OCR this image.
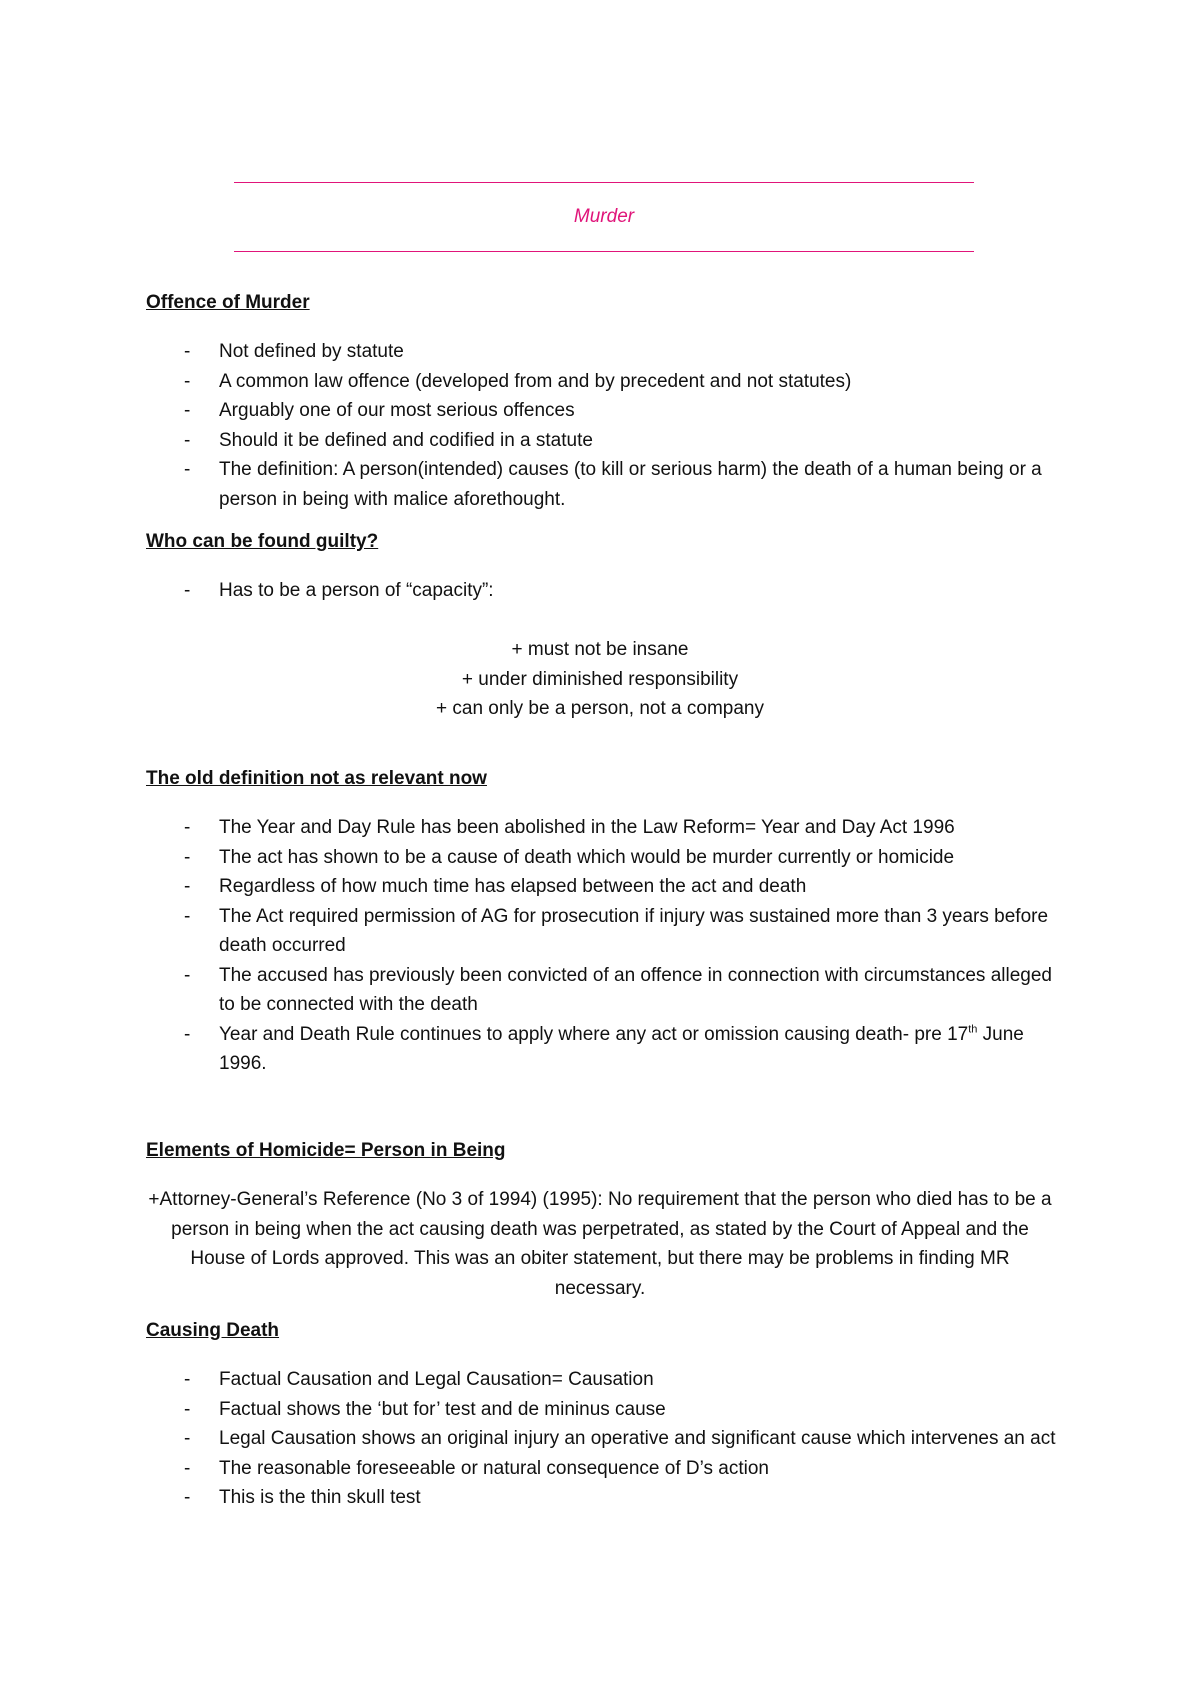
Murder
Offence of Murder
- Not defined by statute
- A common law offence (developed from and by precedent and not statutes)
- Arguably one of our most serious offences
- Should it be defined and codified in a statute
- The definition: A person(intended) causes (to kill or serious harm) the death of a human being or a person in being with malice aforethought.
Who can be found guilty?
- Has to be a person of “capacity”:

+ must not be insane

+ under diminished responsibility

+ can only be a person, not a company

The old definition not as relevant now
- The Year and Day Rule has been abolished in the Law Reform= Year and Day Act 1996
- The act has shown to be a cause of death which would be murder currently or homicide
- Regardless of how much time has elapsed between the act and death
- The Act required permission of AG for prosecution if injury was sustained more than 3 years before death occurred
- The accused has previously been convicted of an offence in connection with circumstances alleged to be connected with the death
- Year and Death Rule continues to apply where any act or omission causing death- pre 17th June 1996.
Elements of Homicide= Person in Being

+Attorney-General’s Reference (No 3 of 1994) (1995): No requirement that the person who died has to be a person in being when the act causing death was perpetrated, as stated by the Court of Appeal and the House of Lords approved. This was an obiter statement, but there may be problems in finding MR necessary.

Causing Death
- Factual Causation and Legal Causation= Causation
- Factual shows the ‘but for’ test and de mininus cause
- Legal Causation shows an original injury an operative and significant cause which intervenes an act
- The reasonable foreseeable or natural consequence of D’s action
- This is the thin skull test
